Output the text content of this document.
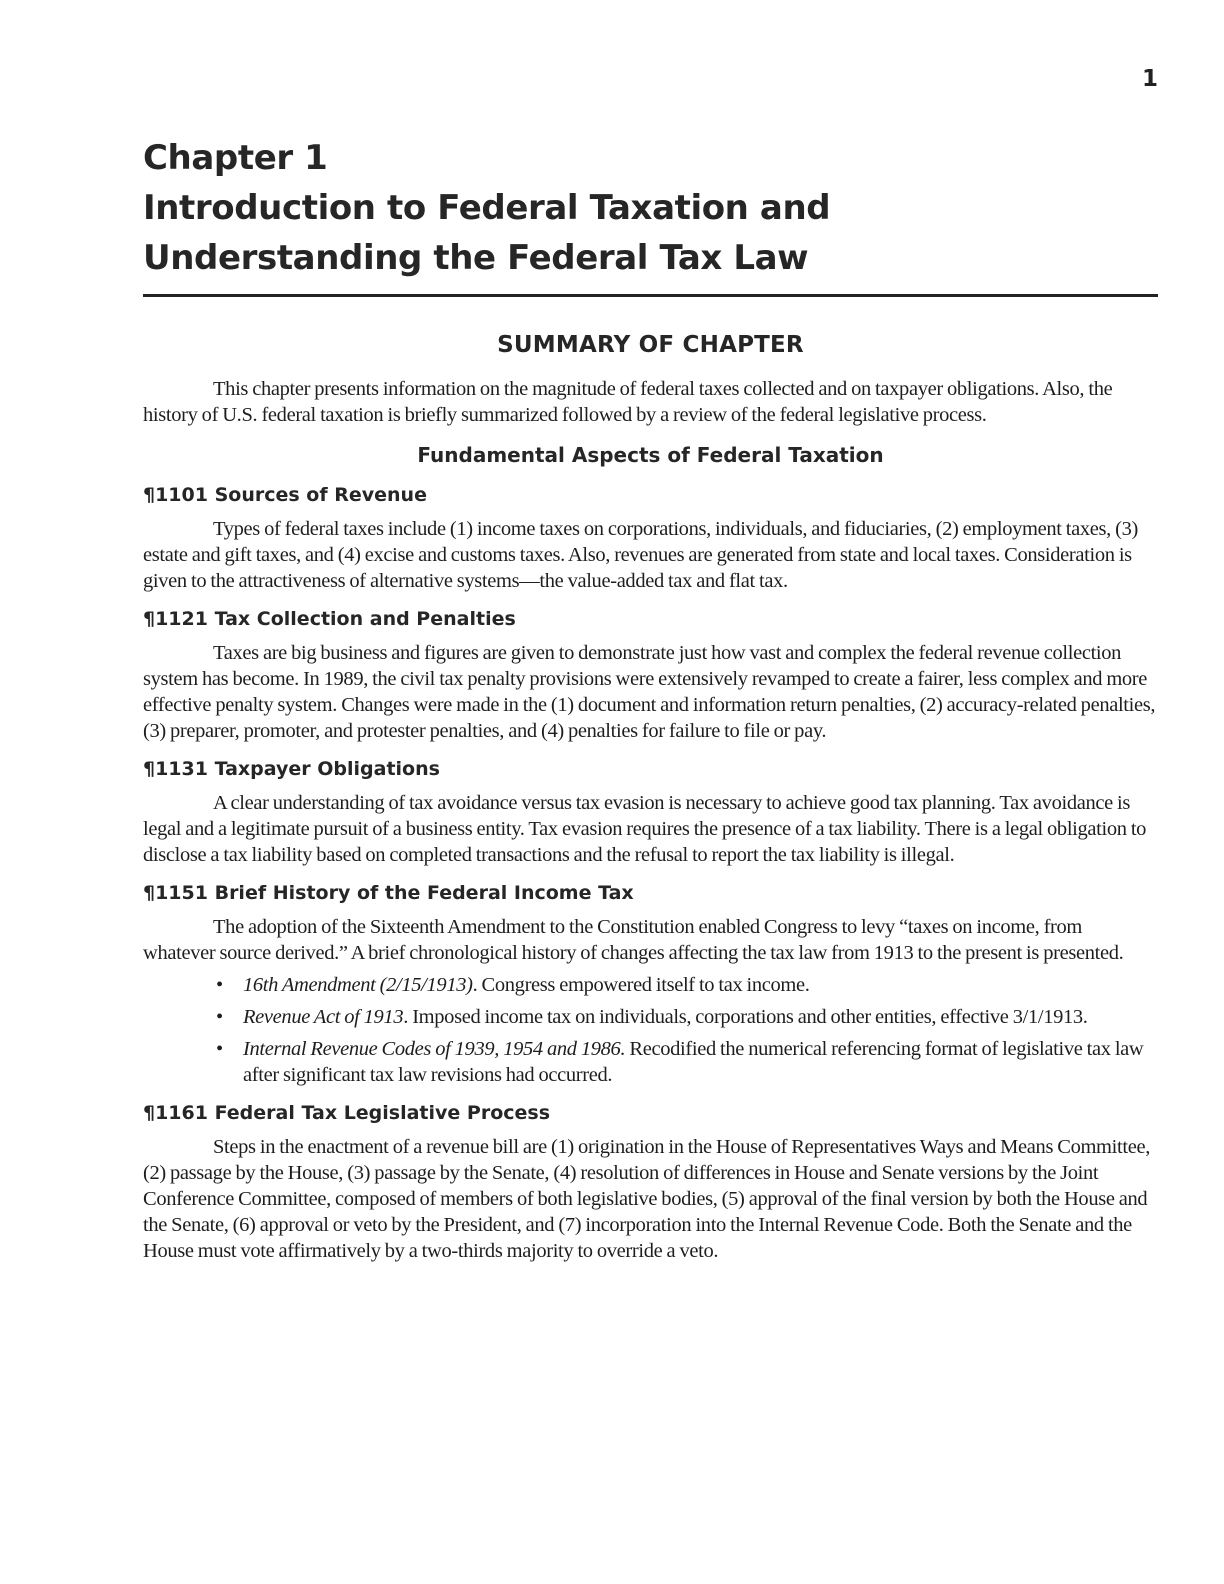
1
Chapter 1
Introduction to Federal Taxation and
Understanding the Federal Tax Law
SUMMARY OF CHAPTER

This chapter presents information on the magnitude of federal taxes collected and on taxpayer obligations. Also, the history of U.S. federal taxation is briefly summarized followed by a review of the federal legislative process.

Fundamental Aspects of Federal Taxation
¶1101 Sources of Revenue

Types of federal taxes include (1) income taxes on corporations, individuals, and fiduciaries, (2) employment taxes, (3) estate and gift taxes, and (4) excise and customs taxes. Also, revenues are generated from state and local taxes. Consideration is given to the attractiveness of alternative systems—the value-added tax and flat tax.

¶1121 Tax Collection and Penalties

Taxes are big business and figures are given to demonstrate just how vast and complex the federal revenue collection system has become. In 1989, the civil tax penalty provisions were extensively revamped to create a fairer, less complex and more effective penalty system. Changes were made in the (1) document and information return penalties, (2) accuracy-related penalties, (3) preparer, promoter, and protester penalties, and (4) penalties for failure to file or pay.

¶1131 Taxpayer Obligations

A clear understanding of tax avoidance versus tax evasion is necessary to achieve good tax planning. Tax avoidance is legal and a legitimate pursuit of a business entity. Tax evasion requires the presence of a tax liability. There is a legal obligation to disclose a tax liability based on completed transactions and the refusal to report the tax liability is illegal.

¶1151 Brief History of the Federal Income Tax

The adoption of the Sixteenth Amendment to the Constitution enabled Congress to levy “taxes on income, from whatever source derived.” A brief chronological history of changes affecting the tax law from 1913 to the present is presented.

• 16th Amendment (2/15/1913). Congress empowered itself to tax income.
• Revenue Act of 1913. Imposed income tax on individuals, corporations and other entities, effective 3/1/1913.
• Internal Revenue Codes of 1939, 1954 and 1986. Recodified the numerical referencing format of legislative tax law after significant tax law revisions had occurred.
¶1161 Federal Tax Legislative Process

Steps in the enactment of a revenue bill are (1) origination in the House of Representatives Ways and Means Committee, (2) passage by the House, (3) passage by the Senate, (4) resolution of differences in House and Senate versions by the Joint Conference Committee, composed of members of both legislative bodies, (5) approval of the final version by both the House and the Senate, (6) approval or veto by the President, and (7) incorporation into the Internal Revenue Code. Both the Senate and the House must vote affirmatively by a two-thirds majority to override a veto.
